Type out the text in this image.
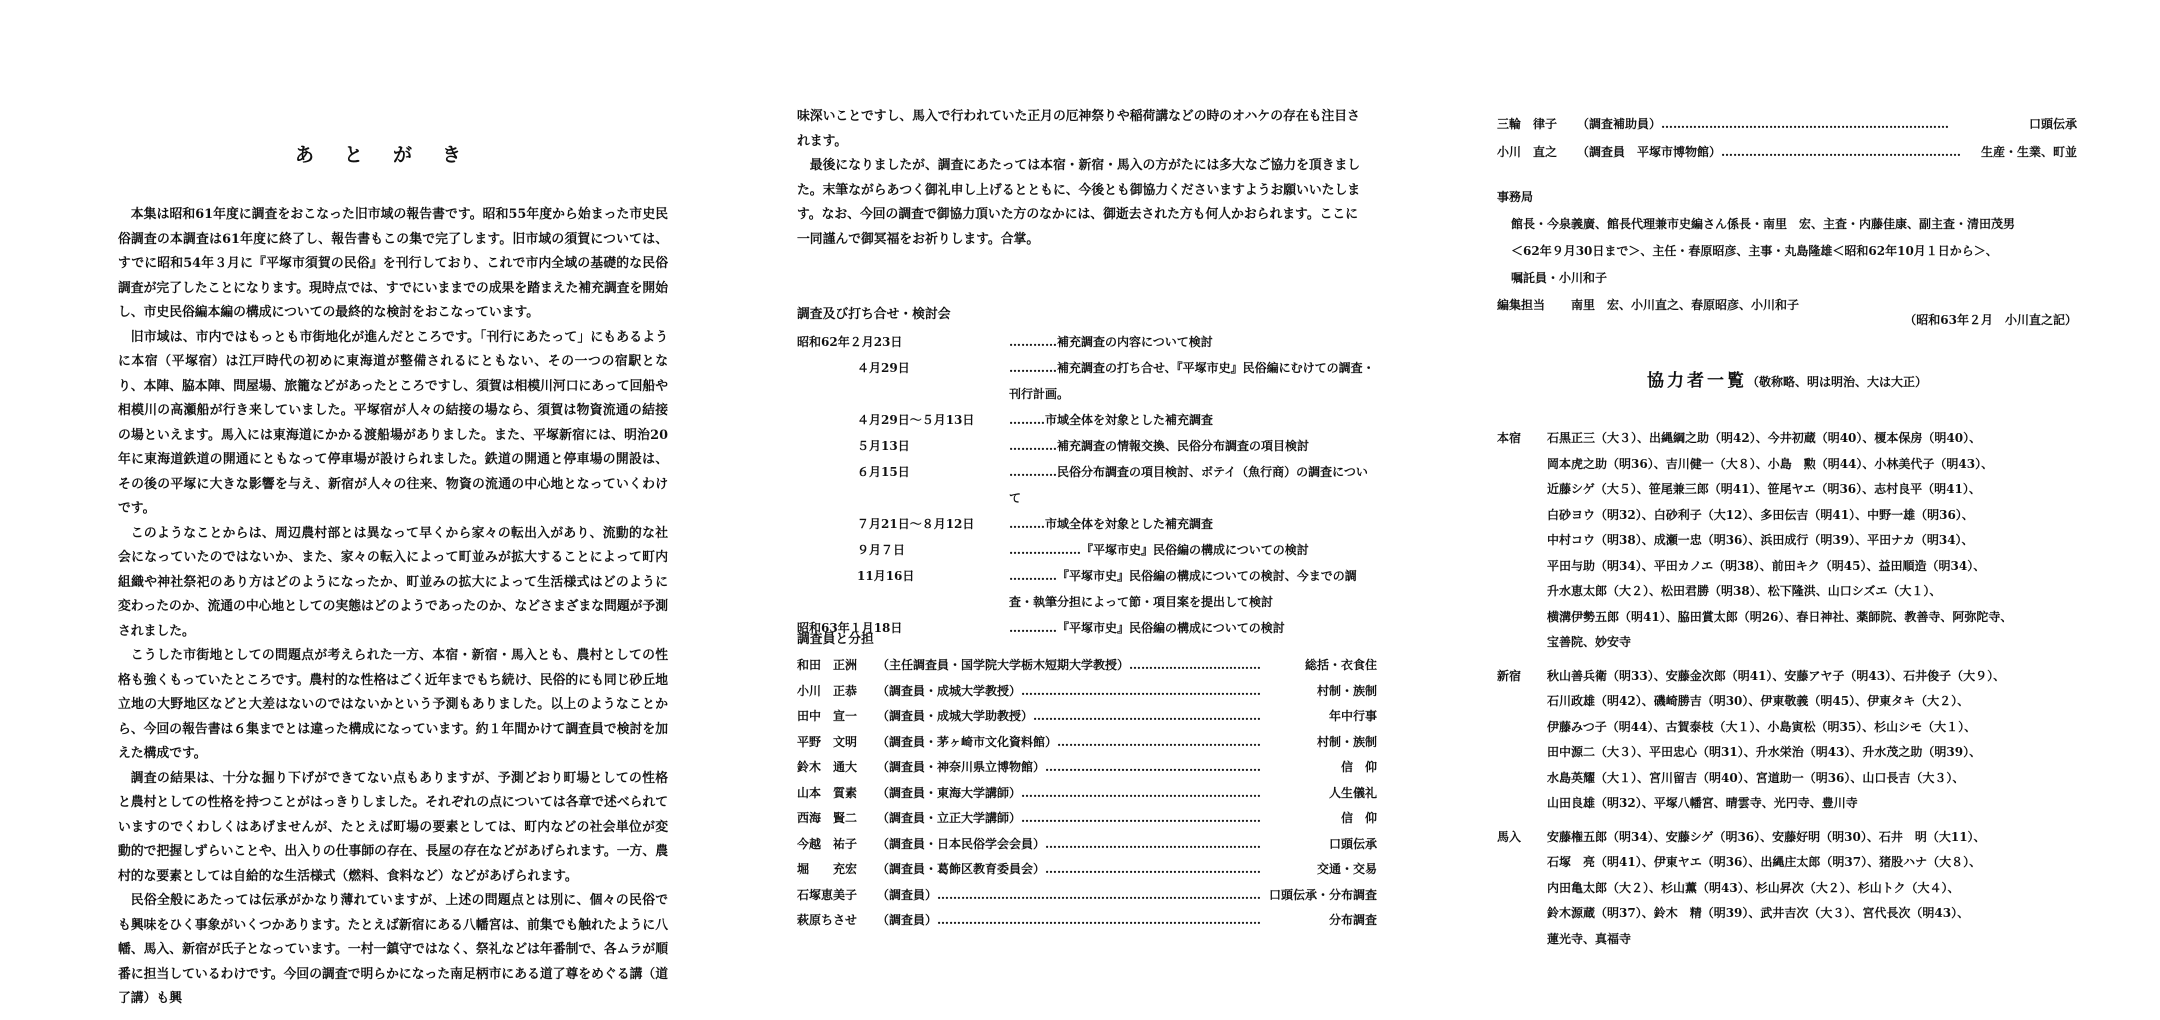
あとがき

本集は昭和61年度に調査をおこなった旧市域の報告書です。昭和55年度から始まった市史民俗調査の本調査は61年度に終了し、報告書もこの集で完了します。旧市域の須賀については、すでに昭和54年３月に『平塚市須賀の民俗』を刊行しており、これで市内全域の基礎的な民俗調査が完了したことになります。現時点では、すでにいままでの成果を踏まえた補充調査を開始し、市史民俗編本編の構成についての最終的な検討をおこなっています。

旧市域は、市内ではもっとも市街地化が進んだところです。「刊行にあたって」にもあるように本宿（平塚宿）は江戸時代の初めに東海道が整備されるにともない、その一つの宿駅となり、本陣、脇本陣、問屋場、旅籠などがあったところですし、須賀は相模川河口にあって回船や相模川の高瀬船が行き来していました。平塚宿が人々の結接の場なら、須賀は物資流通の結接の場といえます。馬入には東海道にかかる渡船場がありました。また、平塚新宿には、明治20年に東海道鉄道の開通にともなって停車場が設けられました。鉄道の開通と停車場の開設は、その後の平塚に大きな影響を与え、新宿が人々の往来、物資の流通の中心地となっていくわけです。

このようなことからは、周辺農村部とは異なって早くから家々の転出入があり、流動的な社会になっていたのではないか、また、家々の転入によって町並みが拡大することによって町内組織や神社祭祀のあり方はどのようになったか、町並みの拡大によって生活様式はどのように変わったのか、流通の中心地としての実態はどのようであったのか、などさまざまな問題が予測されました。

こうした市街地としての問題点が考えられた一方、本宿・新宿・馬入とも、農村としての性格も強くもっていたところです。農村的な性格はごく近年までもち続け、民俗的にも同じ砂丘地立地の大野地区などと大差はないのではないかという予測もありました。以上のようなことから、今回の報告書は６集までとは違った構成になっています。約１年間かけて調査員で検討を加えた構成です。

調査の結果は、十分な掘り下げができてない点もありますが、予測どおり町場としての性格と農村としての性格を持つことがはっきりしました。それぞれの点については各章で述べられていますのでくわしくはあげませんが、たとえば町場の要素としては、町内などの社会単位が変動的で把握しずらいことや、出入りの仕事師の存在、長屋の存在などがあげられます。一方、農村的な要素としては自給的な生活様式（燃料、食料など）などがあげられます。

民俗全般にあたっては伝承がかなり薄れていますが、上述の問題点とは別に、個々の民俗でも興味をひく事象がいくつかあります。たとえば新宿にある八幡宮は、前集でも触れたように八幡、馬入、新宿が氏子となっています。一村一鎮守ではなく、祭礼などは年番制で、各ムラが順番に担当しているわけです。今回の調査で明らかになった南足柄市にある道了尊をめぐる講（道了講）も興

味深いことですし、馬入で行われていた正月の厄神祭りや稲荷講などの時のオハケの存在も注目されます。

最後になりましたが、調査にあたっては本宿・新宿・馬入の方がたには多大なご協力を頂きました。末筆ながらあつく御礼申し上げるとともに、今後とも御協力くださいますようお願いいたします。なお、今回の調査で御協力頂いた方のなかには、御逝去された方も何人かおられます。ここに一同謹んで御冥福をお祈りします。合掌。

調査及び打ち合せ・検討会
昭和62年２月23日	…………補充調査の内容について検討
　　　　　４月29日	…………補充調査の打ち合せ、『平塚市史』民俗編にむけての調査・刊行計画。
　　　　　４月29日～５月13日	………市域全体を対象とした補充調査
　　　　　５月13日	…………補充調査の情報交換、民俗分布調査の項目検討
　　　　　６月15日	…………民俗分布調査の項目検討、ボテイ（魚行商）の調査について
　　　　　７月21日～８月12日	………市域全体を対象とした補充調査
　　　　　９月７日	………………『平塚市史』民俗編の構成についての検討
　　　　　11月16日	…………『平塚市史』民俗編の構成についての検討、今までの調査・執筆分担によって節・項目案を提出して検討
昭和63年１月18日	…………『平塚市史』民俗編の構成についての検討
調査員と分担
和田　正洲	（主任調査員・国学院大学栃木短期大学教授）……………………………	総括・衣食住
小川　正恭	（調査員・成城大学教授）……………………………………………………	村制・族制
田中　宣一	（調査員・成城大学助教授）…………………………………………………	年中行事
平野　文明	（調査員・茅ヶ崎市文化資料館）……………………………………………	村制・族制
鈴木　通大	（調査員・神奈川県立博物館）………………………………………………	信　仰
山本　質素	（調査員・東海大学講師）……………………………………………………	人生儀礼
西海　賢二	（調査員・立正大学講師）……………………………………………………	信　仰
今越　祐子	（調査員・日本民俗学会会員）………………………………………………	口頭伝承
堀　　充宏	（調査員・葛飾区教育委員会）………………………………………………	交通・交易
石塚恵美子	（調査員）……………………………………………………………………… 口頭伝承・分布調査
萩原ちさせ	（調査員）………………………………………………………………………	分布調査
三輪　律子	（調査補助員）………………………………………………………………	口頭伝承
小川　直之	（調査員　平塚市博物館）……………………………………………………	生産・生業、町並
事務局
館長・今泉義廣、館長代理兼市史編さん係長・南里　宏、主査・内藤佳康、副主査・清田茂男
＜62年９月30日まで＞、主任・春原昭彦、主事・丸島隆雄＜昭和62年10月１日から＞、
嘱託員・小川和子
編集担当	南里　宏、小川直之、春原昭彦、小川和子
（昭和63年２月　小川直之記）
協力者一覧（敬称略、明は明治、大は大正）
本宿	石黒正三（大３）、出縄綱之助（明42）、今井初蔵（明40）、榎本保房（明40）、
岡本虎之助（明36）、吉川健一（大８）、小島　勲（明44）、小林美代子（明43）、
近藤シゲ（大５）、笹尾兼三郎（明41）、笹尾ヤエ（明36）、志村良平（明41）、
白砂ヨウ（明32）、白砂利子（大12）、多田伝吉（明41）、中野一雄（明36）、
中村コウ（明38）、成瀬一忠（明36）、浜田成行（明39）、平田ナカ（明34）、
平田与助（明34）、平田カノエ（明38）、前田キク（明45）、益田順造（明34）、
升水恵太郎（大２）、松田君勝（明38）、松下隆洪、山口シズエ（大１）、
横溝伊勢五郎（明41）、脇田賞太郎（明26）、春日神社、薬師院、教善寺、阿弥陀寺、
宝善院、妙安寺
新宿	秋山善兵衛（明33）、安藤金次郎（明41）、安藤アヤ子（明43）、石井俊子（大９）、
石川政雄（明42）、磯崎勝吉（明30）、伊東敬義（明45）、伊東タキ（大２）、
伊藤みつ子（明44）、古賀泰枝（大１）、小島寅松（明35）、杉山シモ（大１）、
田中源二（大３）、平田忠心（明31）、升水栄治（明43）、升水茂之助（明39）、
水島英耀（大１）、宮川留吉（明40）、宮道助一（明36）、山口長吉（大３）、
山田良雄（明32）、平塚八幡宮、晴雲寺、光円寺、豊川寺
馬入	安藤権五郎（明34）、安藤シゲ（明36）、安藤好明（明30）、石井　明（大11）、
石塚　亮（明41）、伊東ヤエ（明36）、出縄庄太郎（明37）、猪股ハナ（大８）、
内田亀太郎（大２）、杉山薫（明43）、杉山昇次（大２）、杉山トク（大４）、
鈴木源蔵（明37）、鈴木　精（明39）、武井吉次（大３）、宮代長次（明43）、
蓮光寺、真福寺
